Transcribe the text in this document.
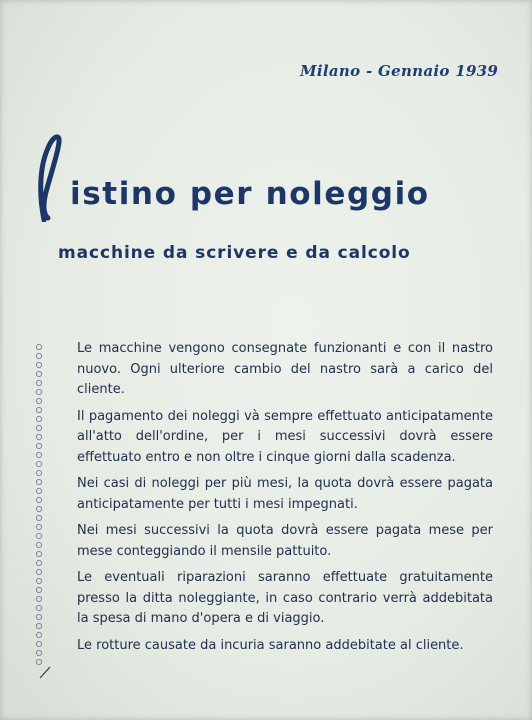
Milano - Gennaio 1939
istino per noleggio
macchine da scrivere e da calcolo

Le macchine vengono consegnate funzionanti e con il nastro nuovo. Ogni ulteriore cambio del nastro sarà a carico del cliente.

Il pagamento dei noleggi và sempre effettuato anticipatamente all'atto dell'ordine, per i mesi successivi dovrà essere effettuato entro e non oltre i cinque giorni dalla scadenza.

Nei casi di noleggi per più mesi, la quota dovrà essere pagata anticipatamente per tutti i mesi impegnati.

Nei mesi successivi la quota dovrà essere pagata mese per mese conteggiando il mensile pattuito.

Le eventuali riparazioni saranno effettuate gratuitamente presso la ditta noleggiante, in caso contrario verrà addebitata la spesa di mano d'opera e di viaggio.

Le rotture causate da incuria saranno addebitate al cliente.
